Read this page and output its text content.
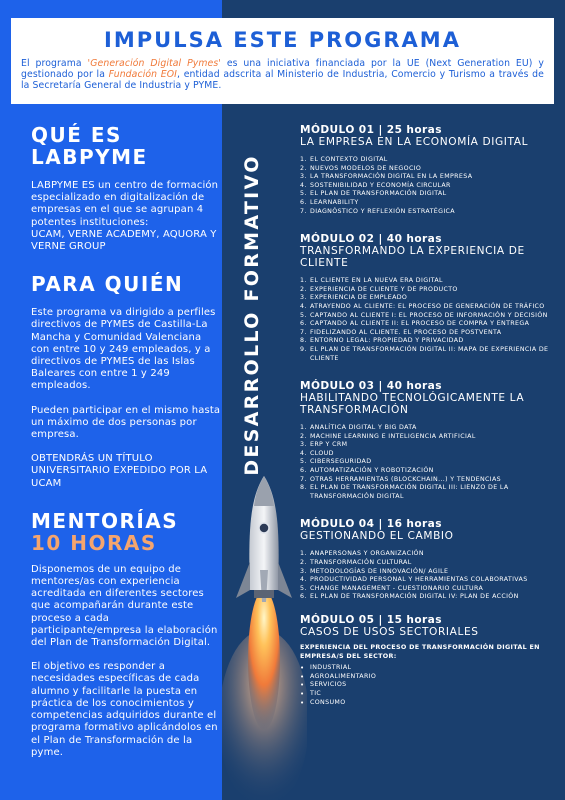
IMPULSA ESTE PROGRAMA
El programa 'Generación Digital Pymes' es una iniciativa financiada por la UE (Next Generation EU) y gestionado por la Fundación EOI, entidad adscrita al Ministerio de Industria, Comercio y Turismo a través de la Secretaría General de Industria y PYME.
QUÉ ES
LABPYME
LABPYME ES un centro de formación especializado en digitalización de empresas en el que se agrupan 4 potentes instituciones:
UCAM, VERNE ACADEMY, AQUORA Y VERNE GROUP
PARA QUIÉN
Este programa va dirigido a perfiles directivos de PYMES de Castilla-La Mancha y Comunidad Valenciana con entre 10 y 249 empleados, y a directivos de PYMES de las Islas Baleares con entre 1 y 249 empleados.
Pueden participar en el mismo hasta un máximo de dos personas por empresa.
OBTENDRÁS UN TÍTULO UNIVERSITARIO EXPEDIDO POR LA UCAM
MENTORÍAS
10 HORAS
Disponemos de un equipo de mentores/as con experiencia acreditada en diferentes sectores que acompañarán durante este proceso a cada participante/empresa la elaboración del Plan de Transformación Digital.
El objetivo es responder a necesidades específicas de cada alumno y facilitarle la puesta en práctica de los conocimientos y competencias adquiridos durante el programa formativo aplicándolos en el Plan de Transformación de la pyme.
DESARROLLO FORMATIVO
MÓDULO 01 | 25 horas
LA EMPRESA EN LA ECONOMÍA DIGITAL
1. EL CONTEXTO DIGITAL
2. NUEVOS MODELOS DE NEGOCIO
3. LA TRANSFORMACIÓN DIGITAL EN LA EMPRESA
4. SOSTENIBILIDAD Y ECONOMÍA CIRCULAR
5. EL PLAN DE TRANSFORMACIÓN DIGITAL
6. LEARNABILITY
7. DIAGNÓSTICO Y REFLEXIÓN ESTRATÉGICA
MÓDULO 02 | 40 horas
TRANSFORMANDO LA EXPERIENCIA DE CLIENTE
1. EL CLIENTE EN LA NUEVA ERA DIGITAL
2. EXPERIENCIA DE CLIENTE Y DE PRODUCTO
3. EXPERIENCIA DE EMPLEADO
4. ATRAYENDO AL CLIENTE: EL PROCESO DE GENERACIÓN DE TRÁFICO
5. CAPTANDO AL CLIENTE I: EL PROCESO DE INFORMACIÓN Y DECISIÓN
6. CAPTANDO AL CLIENTE II: EL PROCESO DE COMPRA Y ENTREGA
7. FIDELIZANDO AL CLIENTE. EL PROCESO DE POSTVENTA
8. ENTORNO LEGAL: PROPIEDAD Y PRIVACIDAD
9. EL PLAN DE TRANSFORMACIÓN DIGITAL II: MAPA DE EXPERIENCIA DE CLIENTE
MÓDULO 03 | 40 horas
HABILITANDO TECNOLÓGICAMENTE LA TRANSFORMACIÓN
1. ANALÍTICA DIGITAL Y BIG DATA
2. MACHINE LEARNING E INTELIGENCIA ARTIFICIAL
3. ERP Y CRM
4. CLOUD
5. CIBERSEGURIDAD
6. AUTOMATIZACIÓN Y ROBOTIZACIÓN
7. OTRAS HERRAMIENTAS (BLOCKCHAIN...) Y TENDENCIAS
8. EL PLAN DE TRANSFORMACIÓN DIGITAL III: LIENZO DE LA TRANSFORMACIÓN DIGITAL
MÓDULO 04 | 16 horas
GESTIONANDO EL CAMBIO
1. ANAPERSONAS Y ORGANIZACIÓN
2. TRANSFORMACIÓN CULTURAL
3. METODOLOGÍAS DE INNOVACIÓN/ AGILE
4. PRODUCTIVIDAD PERSONAL Y HERRAMIENTAS COLABORATIVAS
5. CHANGE MANAGEMENT - CUESTIONARIO CULTURA
6. EL PLAN DE TRANSFORMACIÓN DIGITAL IV: PLAN DE ACCIÓN
MÓDULO 05 | 15 horas
CASOS DE USOS SECTORIALES
EXPERIENCIA DEL PROCESO DE TRANSFORMACIÓN DIGITAL EN EMPRESA/S DEL SECTOR:
• INDUSTRIAL
• AGROALIMENTARIO
• SERVICIOS
• TIC
• CONSUMO
